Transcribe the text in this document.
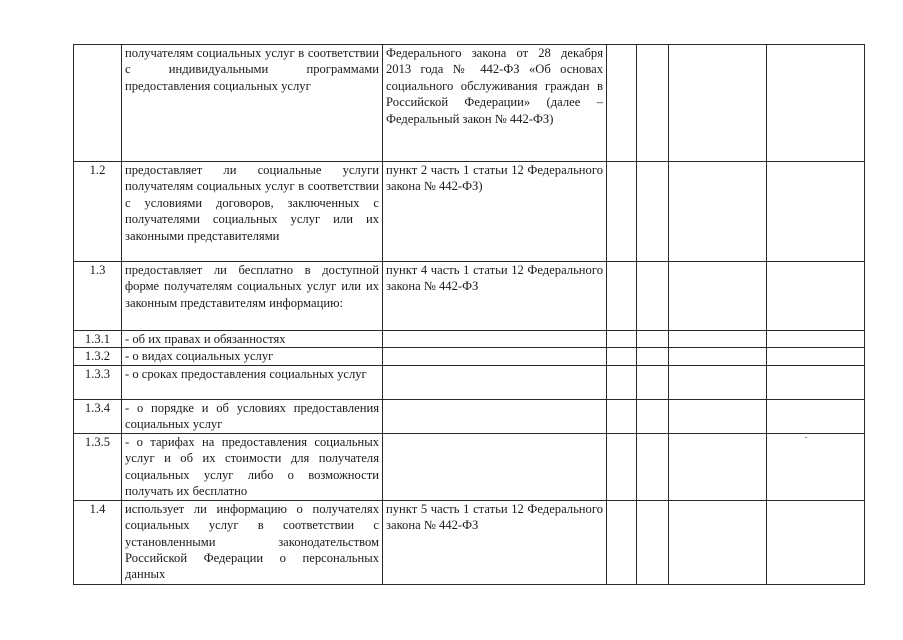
	получателям социальных услуг в соответствии с индивидуальными программами предоставления социальных услуг	Федерального закона от 28 декабря 2013 года № 442-ФЗ «Об основах социального обслуживания граждан в Российской Федерации» (далее – Федеральный закон № 442-ФЗ)				
1.2	предоставляет ли социальные услуги получателям социальных услуг в соответствии с условиями договоров, заключенных с получателями социальных услуг или их законными представителями	пункт 2 часть 1 статьи 12 Федерального закона № 442-ФЗ)				
1.3	предоставляет ли бесплатно в доступной форме получателям социальных услуг или их законным представителям информацию:	пункт 4 часть 1 статьи 12 Федерального закона № 442-ФЗ				
1.3.1	- об их правах и обязанностях					
1.3.2	- о видах социальных услуг					
1.3.3	- о сроках предоставления социальных услуг					
1.3.4	- о порядке и об условиях предоставления социальных услуг					
1.3.5	- о тарифах на предоставления социальных услуг и об их стоимости для получателя социальных услуг либо о возможности получать их бесплатно					
1.4	использует ли информацию о получателях социальных услуг в соответствии с установленными законодательством Российской Федерации о персональных данных	пункт 5 часть 1 статьи 12 Федерального закона № 442-ФЗ				
